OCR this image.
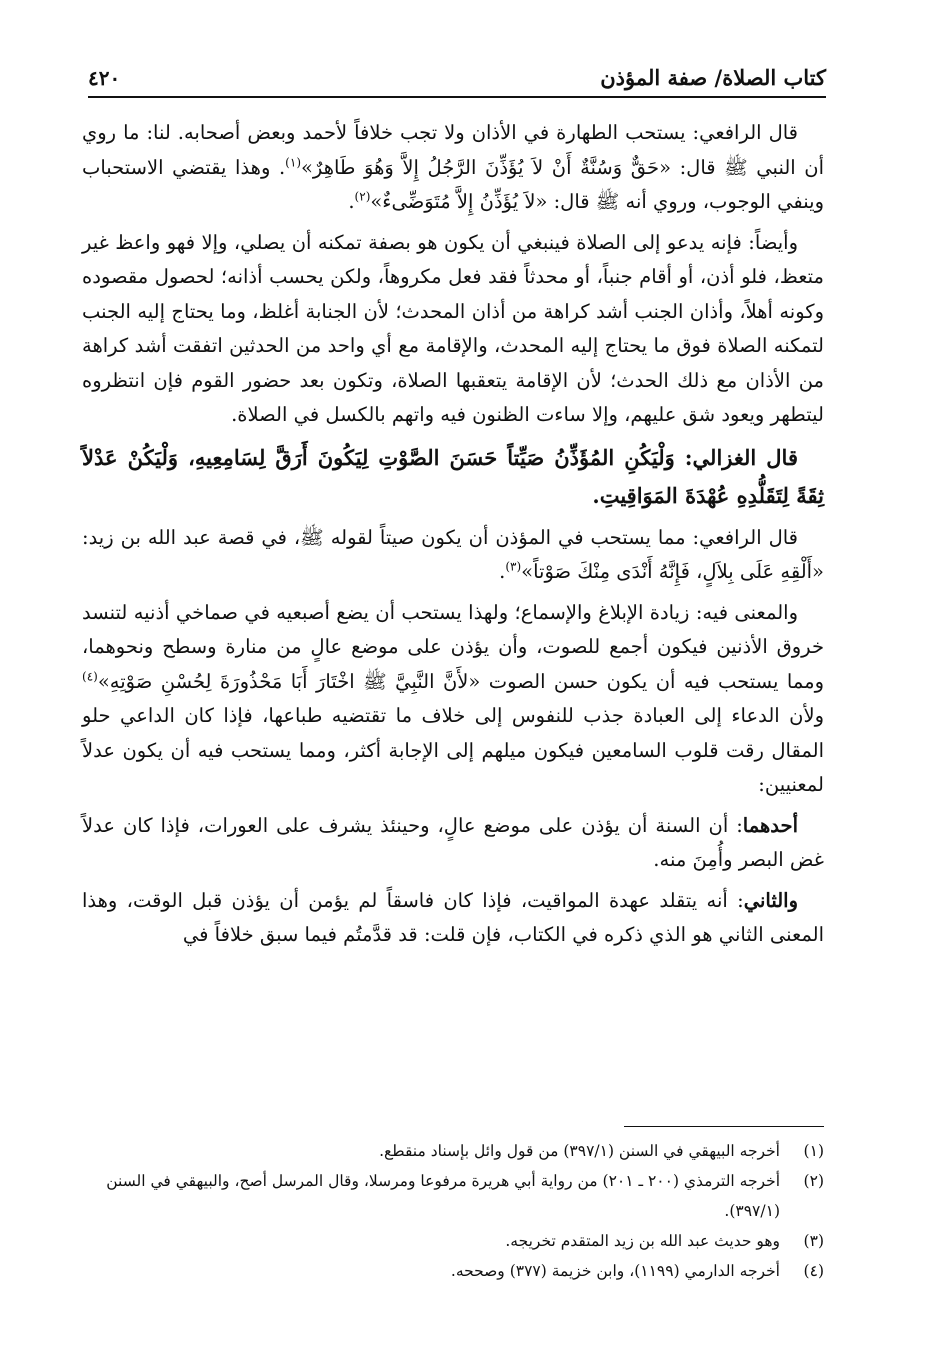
كتاب الصلاة/ صفة المؤذن
٤٢٠

قال الرافعي: يستحب الطهارة في الأذان ولا تجب خلافاً لأحمد وبعض أصحابه. لنا: ما روي أن النبي ﷺ قال: «حَقٌّ وَسُنَّةٌ أَنْ لاَ يُؤَذِّنَ الرَّجُلُ إِلاَّ وَهُوَ طَاهِرٌ»$^{(١)}$. وهذا يقتضي الاستحباب وينفي الوجوب، وروي أنه ﷺ قال: «لاَ يُؤَذِّنُ إِلاَّ مُتَوَضِّىءٌ»$^{(٢)}$.

وأيضاً: فإنه يدعو إلى الصلاة فينبغي أن يكون هو بصفة تمكنه أن يصلي، وإلا فهو واعظ غير متعظ، فلو أذن، أو أقام جنباً، أو محدثاً فقد فعل مكروهاً، ولكن يحسب أذانه؛ لحصول مقصوده وكونه أهلاً، وأذان الجنب أشد كراهة من أذان المحدث؛ لأن الجنابة أغلظ، وما يحتاج إليه الجنب لتمكنه الصلاة فوق ما يحتاج إليه المحدث، والإقامة مع أي واحد من الحدثين اتفقت أشد كراهة من الأذان مع ذلك الحدث؛ لأن الإقامة يتعقبها الصلاة، وتكون بعد حضور القوم فإن انتظروه ليتطهر ويعود شق عليهم، وإلا ساءت الظنون فيه واتهم بالكسل في الصلاة.

قال الغزالي: وَلْيَكُنِ المُؤَذِّنُ صَيِّتاً حَسَنَ الصَّوْتِ لِيَكُونَ أَرَقَّ لِسَامِعِيهِ، وَلْيَكُنْ عَدْلاً ثِقَةً لِتَقَلُّدِهِ عُهْدَةَ المَوَاقِيتِ.

قال الرافعي: مما يستحب في المؤذن أن يكون صيتاً لقوله ﷺ، في قصة عبد الله بن زيد: «أَلْقِهِ عَلَى بِلاَلٍ، فَإِنَّهُ أَنْدَى مِنْكَ صَوْتاً»$^{(٣)}$.

والمعنى فيه: زيادة الإبلاغ والإسماع؛ ولهذا يستحب أن يضع أصبعيه في صماخي أذنيه لتنسد خروق الأذنين فيكون أجمع للصوت، وأن يؤذن على موضع عالٍ من منارة وسطح ونحوهما، ومما يستحب فيه أن يكون حسن الصوت «لأَنَّ النَّبِيَّ ﷺ اخْتَارَ أَبَا مَحْذُورَةَ لِحُسْنِ صَوْتِهِ»$^{(٤)}$ ولأن الدعاء إلى العبادة جذب للنفوس إلى خلاف ما تقتضيه طباعها، فإذا كان الداعي حلو المقال رقت قلوب السامعين فيكون ميلهم إلى الإجابة أكثر، ومما يستحب فيه أن يكون عدلاً لمعنيين:

أحدهما: أن السنة أن يؤذن على موضع عالٍ، وحينئذ يشرف على العورات، فإذا كان عدلاً غض البصر وأُمِنَ منه.

والثاني: أنه يتقلد عهدة المواقيت، فإذا كان فاسقاً لم يؤمن أن يؤذن قبل الوقت، وهذا المعنى الثاني هو الذي ذكره في الكتاب، فإن قلت: قد قدَّمتُم فيما سبق خلافاً في

(١)
أخرجه البيهقي في السنن (٣٩٧/١) من قول وائل بإسناد منقطع.
(٢)
أخرجه الترمذي (٢٠٠ ـ ٢٠١) من رواية أبي هريرة مرفوعا ومرسلا، وقال المرسل أصح، والبيهقي في السنن (٣٩٧/١).
(٣)
وهو حديث عبد الله بن زيد المتقدم تخريجه.
(٤)
أخرجه الدارمي (١١٩٩)، وابن خزيمة (٣٧٧) وصححه.
